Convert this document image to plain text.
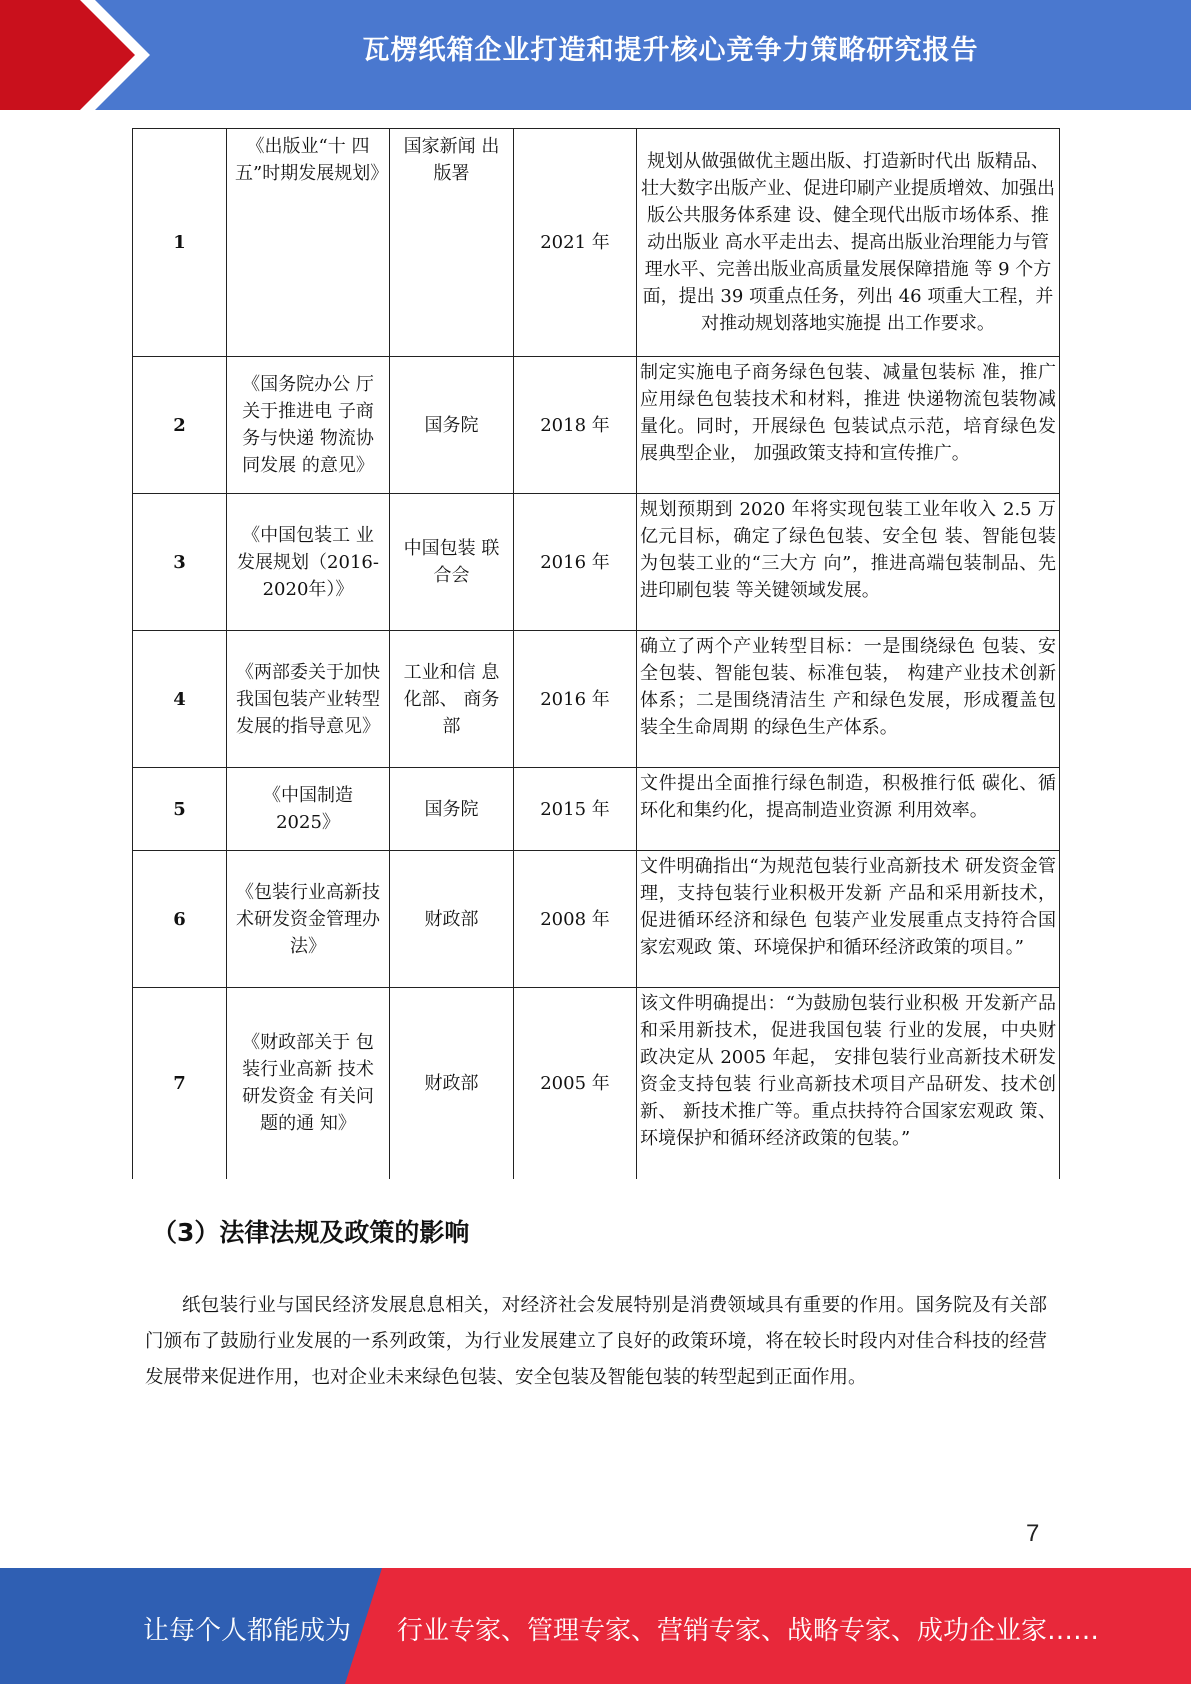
瓦楞纸箱企业打造和提升核心竞争力策略研究报告
1	《出版业“十 四五”时期发展规划》	国家新闻 出版署	2021 年	规划从做强做优主题出版、打造新时代出 版精品、壮大数字出版产业、促进印刷产业提质增效、加强出版公共服务体系建 设、健全现代出版市场体系、推动出版业 高水平走出去、提高出版业治理能力与管 理水平、完善出版业高质量发展保障措施 等 9 个方面，提出 39 项重点任务，列出 46 项重大工程，并对推动规划落地实施提 出工作要求。
2	《国务院办公 厅关于推进电 子商务与快递 物流协同发展 的意见》	国务院	2018 年	制定实施电子商务绿色包装、减量包装标 准，推广应用绿色包装技术和材料，推进 快递物流包装物减量化。同时，开展绿色 包装试点示范，培育绿色发展典型企业， 加强政策支持和宣传推广。
3	《中国包装工 业发展规划（2016-2020年）》	中国包装 联合会	2016 年	规划预期到 2020 年将实现包装工业年收入 2.5 万亿元目标，确定了绿色包装、安全包 装、智能包装为包装工业的“三大方 向”，推进高端包装制品、先进印刷包装 等关键领域发展。
4	《两部委关于加快我国包装产业转型发展的指导意见》	工业和信 息化部、 商务部	2016 年	确立了两个产业转型目标：一是围绕绿色 包装、安全包装、智能包装、标准包装， 构建产业技术创新体系；二是围绕清洁生 产和绿色发展，形成覆盖包装全生命周期 的绿色生产体系。
5	《中国制造 2025》	国务院	2015 年	文件提出全面推行绿色制造，积极推行低 碳化、循环化和集约化，提高制造业资源 利用效率。
6	《包装行业高新技术研发资金管理办法》	财政部	2008 年	文件明确指出“为规范包装行业高新技术 研发资金管理，支持包装行业积极开发新 产品和采用新技术，促进循环经济和绿色 包装产业发展重点支持符合国家宏观政 策、环境保护和循环经济政策的项目。”
7	《财政部关于 包装行业高新 技术研发资金 有关问题的通 知》	财政部	2005 年	该文件明确提出：“为鼓励包装行业积极 开发新产品和采用新技术，促进我国包装 行业的发展，中央财政决定从 2005 年起， 安排包装行业高新技术研发资金支持包装 行业高新技术项目产品研发、技术创新、 新技术推广等。重点扶持符合国家宏观政 策、环境保护和循环经济政策的包装。”
（3）法律法规及政策的影响

纸包装行业与国民经济发展息息相关，对经济社会发展特别是消费领域具有重要的作用。国务院及有关部门颁布了鼓励行业发展的一系列政策，为行业发展建立了良好的政策环境，将在较长时段内对佳合科技的经营发展带来促进作用，也对企业未来绿色包装、安全包装及智能包装的转型起到正面作用。

7
让每个人都能成为 行业专家、管理专家、营销专家、战略专家、成功企业家……
